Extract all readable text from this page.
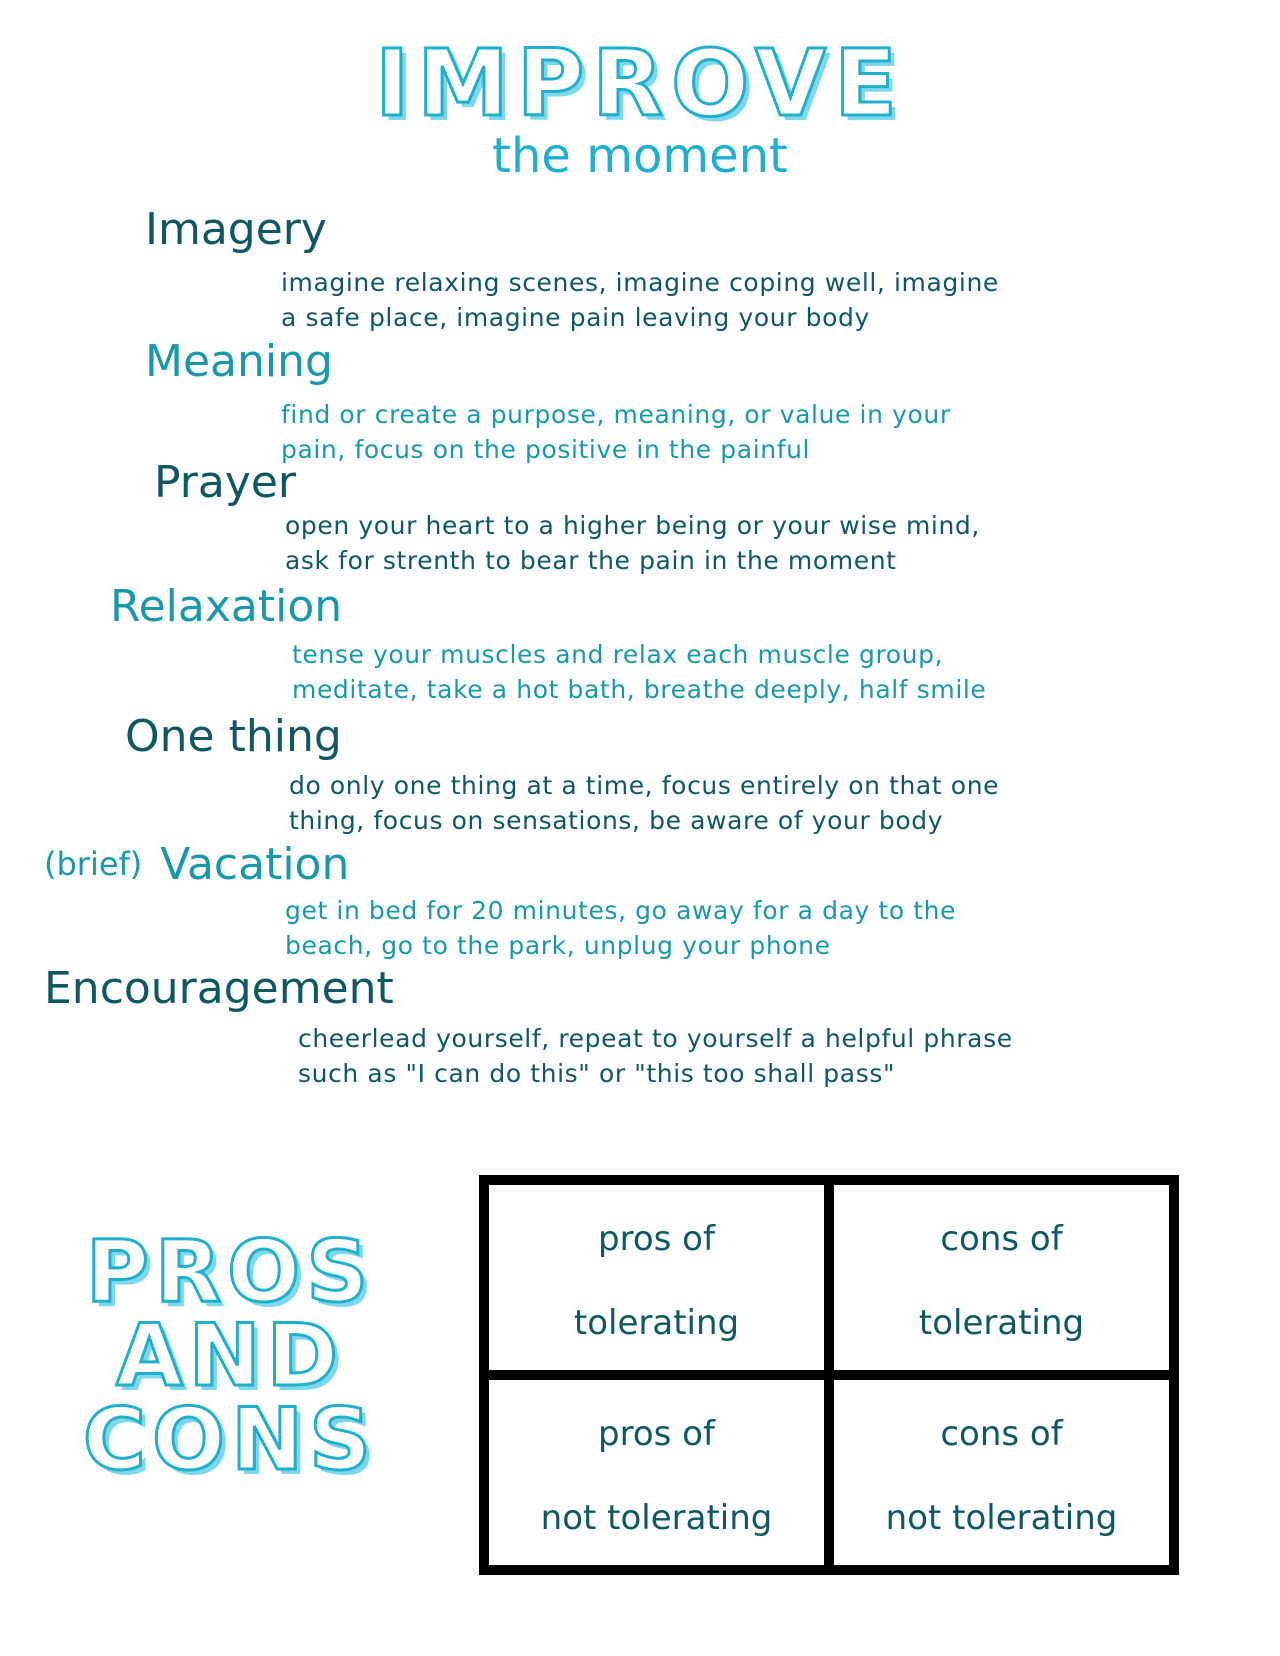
IMPROVE
the moment
Imagery
imagine relaxing scenes, imagine coping well, imagine
a safe place, imagine pain leaving your body
Meaning
find or create a purpose, meaning, or value in your
pain, focus on the positive in the painful
Prayer
open your heart to a higher being or your wise mind,
ask for strenth to bear the pain in the moment
Relaxation
tense your muscles and relax each muscle group,
meditate, take a hot bath, breathe deeply, half smile
One thing
do only one thing at a time, focus entirely on that one
thing, focus on sensations, be aware of your body
(brief) Vacation
get in bed for 20 minutes, go away for a day to the
beach, go to the park, unplug your phone
Encouragement
cheerlead yourself, repeat to yourself a helpful phrase
such as "I can do this" or "this too shall pass"
PROS
AND
CONS
pros of
tolerating
cons of
tolerating
pros of
not tolerating
cons of
not tolerating
